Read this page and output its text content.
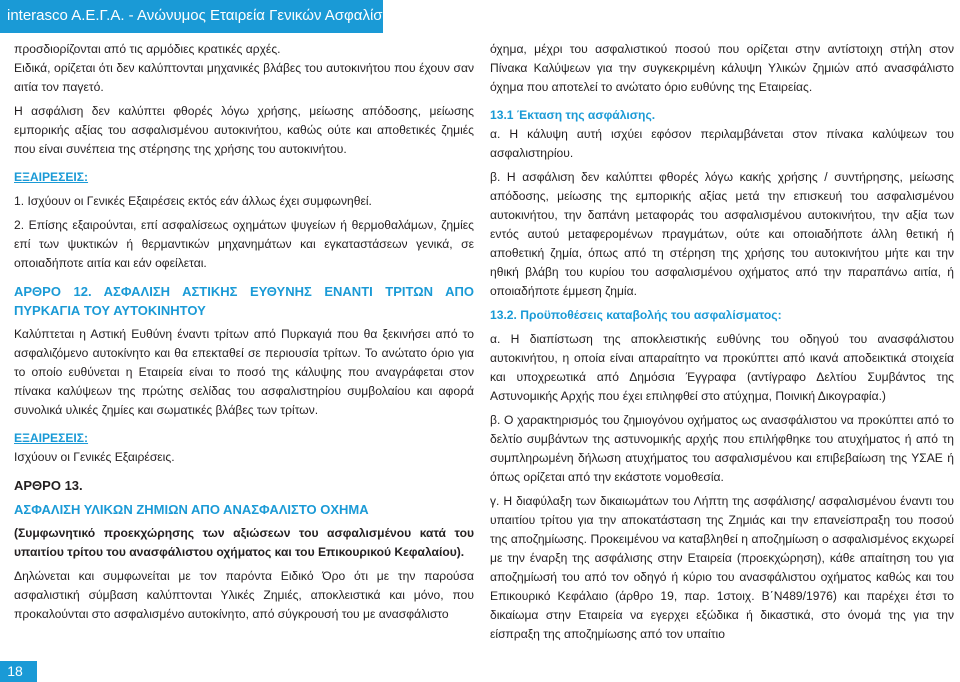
interasco A.E.Γ.Α. - Ανώνυμος Εταιρεία Γενικών Ασφαλίσεων

προσδιορίζονται από τις αρμόδιες κρατικές αρχές.

Ειδικά, ορίζεται ότι δεν καλύπτονται μηχανικές βλάβες του αυτοκινήτου που έχουν σαν αιτία τον παγετό.

Η ασφάλιση δεν καλύπτει φθορές λόγω χρήσης, μείωσης απόδοσης, μείωσης εμπορικής αξίας του ασφαλισμένου αυτοκινήτου, καθώς ούτε και αποθετικές ζημιές που είναι συνέπεια της στέρησης της χρήσης του αυτοκινήτου.

ΕΞΑΙΡΕΣΕΙΣ:

1. Ισχύουν οι Γενικές Εξαιρέσεις εκτός εάν άλλως έχει συμφωνηθεί.

2. Επίσης εξαιρούνται, επί ασφαλίσεως οχημάτων ψυγείων ή θερμοθαλάμων, ζημίες επί των ψυκτικών ή θερμαντικών μηχανημάτων και εγκαταστάσεων γενικά, σε οποιαδήποτε αιτία και εάν οφείλεται.

ΑΡΘΡΟ 12. ΑΣΦΑΛΙΣΗ ΑΣΤΙΚΗΣ ΕΥΘΥΝΗΣ ΕΝΑΝΤΙ ΤΡΙΤΩΝ ΑΠΟ ΠΥΡΚΑΓΙΑ ΤΟΥ ΑΥΤΟΚΙΝΗΤΟΥ

Καλύπτεται η Αστική Ευθύνη έναντι τρίτων από Πυρκαγιά που θα ξεκινήσει από το ασφαλιζόμενο αυτοκίνητο και θα επεκταθεί σε περιουσία τρίτων. Το ανώτατο όριο για το οποίο ευθύνεται η Εταιρεία είναι το ποσό της κάλυψης που αναγράφεται στον πίνακα καλύψεων της πρώτης σελίδας του ασφαλιστηρίου συμβολαίου και αφορά συνολικά υλικές ζημίες και σωματικές βλάβες των τρίτων.

ΕΞΑΙΡΕΣΕΙΣ:

Ισχύουν οι Γενικές Εξαιρέσεις.

ΑΡΘΡΟ 13.

ΑΣΦΑΛΙΣΗ ΥΛΙΚΩΝ ΖΗΜΙΩΝ ΑΠΟ ΑΝΑΣΦΑΛΙΣΤΟ ΟΧΗΜΑ

(Συμφωνητικό προεκχώρησης των αξιώσεων του ασφαλισμένου κατά του υπαιτίου τρίτου του ανασφάλιστου οχήματος και του Επικουρικού Κεφαλαίου).

Δηλώνεται και συμφωνείται με τον παρόντα Ειδικό Όρο ότι με την παρούσα ασφαλιστική σύμβαση καλύπτονται Υλικές Ζημιές, αποκλειστικά και μόνο, που προκαλούνται στο ασφαλισμένο αυτοκίνητο, από σύγκρουσή του με ανασφάλιστο

όχημα, μέχρι του ασφαλιστικού ποσού που ορίζεται στην αντίστοιχη στήλη στον Πίνακα Καλύψεων για την συγκεκριμένη κάλυψη Υλικών ζημιών από ανασφάλιστο όχημα που αποτελεί το ανώτατο όριο ευθύνης της Εταιρείας.

13.1 Έκταση της ασφάλισης.

α. Η κάλυψη αυτή ισχύει εφόσον περιλαμβάνεται στον πίνακα καλύψεων του ασφαλιστηρίου.

β. Η ασφάλιση δεν καλύπτει φθορές λόγω κακής χρήσης / συντήρησης, μείωσης απόδοσης, μείωσης της εμπορικής αξίας μετά την επισκευή του ασφαλισμένου αυτοκινήτου, την δαπάνη μεταφοράς του ασφαλισμένου αυτοκινήτου, την αξία των εντός αυτού μεταφερομένων πραγμάτων, ούτε και οποιαδήποτε άλλη θετική ή αποθετική ζημία, όπως από τη στέρηση της χρήσης του αυτοκινήτου μήτε και την ηθική βλάβη του κυρίου του ασφαλισμένου οχήματος από την παραπάνω αιτία, ή οποιαδήποτε έμμεση ζημία.

13.2. Προϋποθέσεις καταβολής του ασφαλίσματος:

α. Η διαπίστωση της αποκλειστικής ευθύνης του οδηγού του ανασφάλιστου αυτοκινήτου, η οποία είναι απαραίτητο να προκύπτει από ικανά αποδεικτικά στοιχεία και υποχρεωτικά από Δημόσια Έγγραφα (αντίγραφο Δελτίου Συμβάντος της Αστυνομικής Αρχής που έχει επιληφθεί στο ατύχημα, Ποινική Δικογραφία.)

β. Ο χαρακτηρισμός του ζημιογόνου οχήματος ως ανασφάλιστου να προκύπτει από το δελτίο συμβάντων της αστυνομικής αρχής που επιλήφθηκε του ατυχήματος ή από τη συμπληρωμένη δήλωση ατυχήματος του ασφαλισμένου και επιβεβαίωση της ΥΣΑΕ ή όπως ορίζεται από την εκάστοτε νομοθεσία.

γ. Η διαφύλαξη των δικαιωμάτων του Λήπτη της ασφάλισης/ ασφαλισμένου έναντι του υπαιτίου τρίτου για την αποκατάσταση της Ζημιάς και την επανείσπραξη του ποσού της αποζημίωσης. Προκειμένου να καταβληθεί η αποζημίωση ο ασφαλισμένος εκχωρεί με την έναρξη της ασφάλισης στην Εταιρεία (προεκχώρηση), κάθε απαίτηση του για αποζημίωσή του από τον οδηγό ή κύριο του ανασφάλιστου οχήματος καθώς και του Επικουρικό Κεφάλαιο (άρθρο 19, παρ. 1στοιχ. Β΄Ν489/1976) και παρέχει έτσι το δικαίωμα στην Εταιρεία να εγερχει εξώδικα ή δικαστικά, στο όνομά της για την είσπραξη της αποζημίωσης από τον υπαίτιο

18
